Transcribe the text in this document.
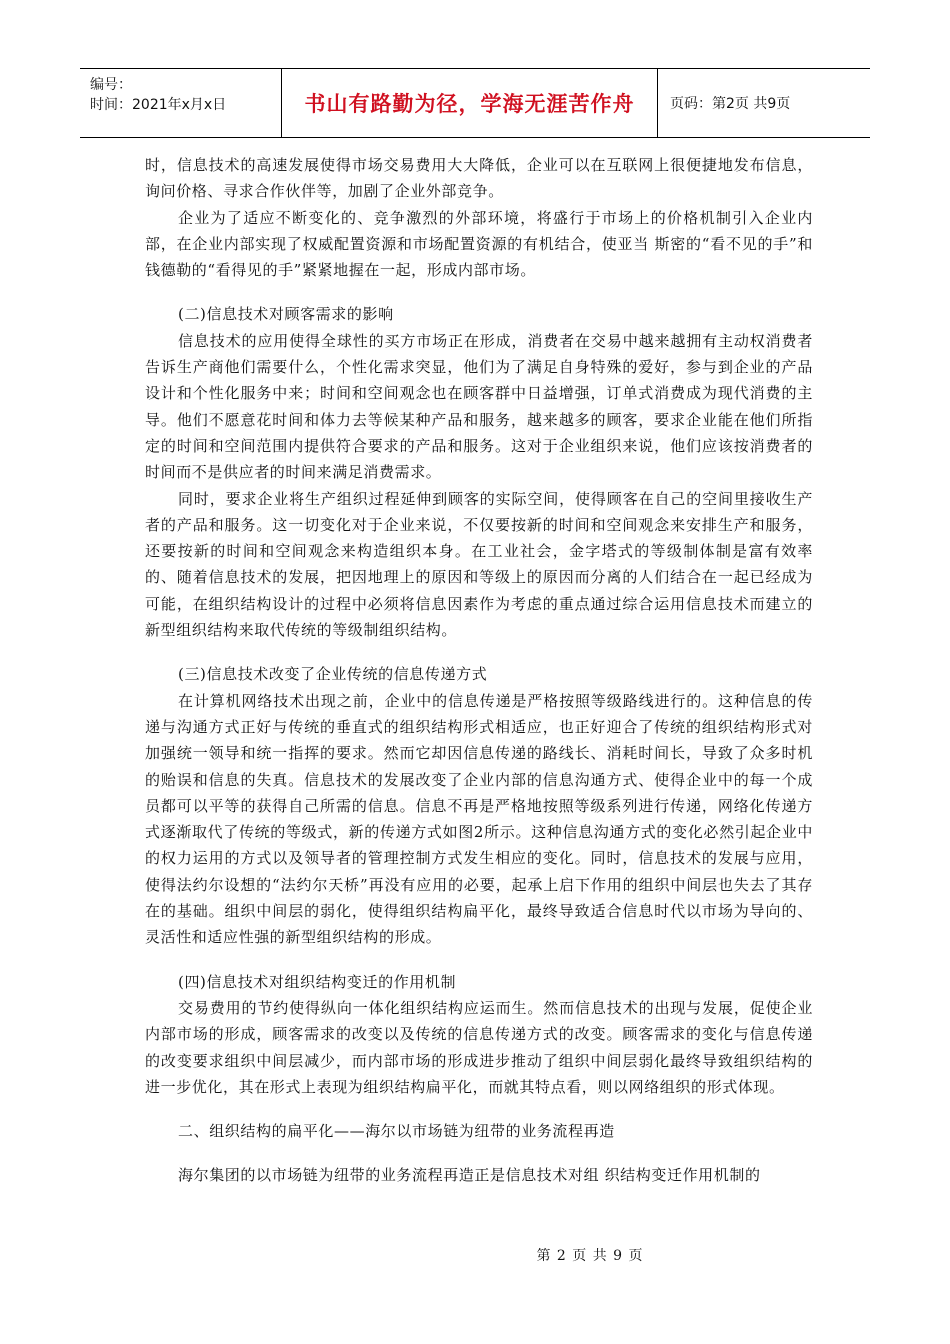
编号：
时间：2021年x月x日	书山有路勤为径，学海无涯苦作舟	页码：第2页 共9页

时，信息技术的高速发展使得市场交易费用大大降低，企业可以在互联网上很便捷地发布信息，询问价格、寻求合作伙伴等，加剧了企业外部竞争。

企业为了适应不断变化的、竞争激烈的外部环境，将盛行于市场上的价格机制引入企业内部，在企业内部实现了权威配置资源和市场配置资源的有机结合，使亚当 斯密的“看不见的手”和钱德勒的“看得见的手”紧紧地握在一起，形成内部市场。

(二)信息技术对顾客需求的影响

信息技术的应用使得全球性的买方市场正在形成，消费者在交易中越来越拥有主动权消费者告诉生产商他们需要什么，个性化需求突显，他们为了满足自身特殊的爱好，参与到企业的产品设计和个性化服务中来；时间和空间观念也在顾客群中日益增强，订单式消费成为现代消费的主导。他们不愿意花时间和体力去等候某种产品和服务，越来越多的顾客，要求企业能在他们所指定的时间和空间范围内提供符合要求的产品和服务。这对于企业组织来说，他们应该按消费者的时间而不是供应者的时间来满足消费需求。

同时，要求企业将生产组织过程延伸到顾客的实际空间，使得顾客在自己的空间里接收生产者的产品和服务。这一切变化对于企业来说，不仅要按新的时间和空间观念来安排生产和服务，还要按新的时间和空间观念来构造组织本身。在工业社会，金字塔式的等级制体制是富有效率的、随着信息技术的发展，把因地理上的原因和等级上的原因而分离的人们结合在一起已经成为可能，在组织结构设计的过程中必须将信息因素作为考虑的重点通过综合运用信息技术而建立的新型组织结构来取代传统的等级制组织结构。

(三)信息技术改变了企业传统的信息传递方式

在计算机网络技术出现之前，企业中的信息传递是严格按照等级路线进行的。这种信息的传递与沟通方式正好与传统的垂直式的组织结构形式相适应，也正好迎合了传统的组织结构形式对加强统一领导和统一指挥的要求。然而它却因信息传递的路线长、消耗时间长，导致了众多时机的贻误和信息的失真。信息技术的发展改变了企业内部的信息沟通方式、使得企业中的每一个成员都可以平等的获得自己所需的信息。信息不再是严格地按照等级系列进行传递，网络化传递方式逐渐取代了传统的等级式，新的传递方式如图2所示。这种信息沟通方式的变化必然引起企业中的权力运用的方式以及领导者的管理控制方式发生相应的变化。同时，信息技术的发展与应用，使得法约尔设想的“法约尔天桥”再没有应用的必要，起承上启下作用的组织中间层也失去了其存在的基础。组织中间层的弱化，使得组织结构扁平化，最终导致适合信息时代以市场为导向的、灵活性和适应性强的新型组织结构的形成。

(四)信息技术对组织结构变迁的作用机制

交易费用的节约使得纵向一体化组织结构应运而生。然而信息技术的出现与发展，促使企业内部市场的形成，顾客需求的改变以及传统的信息传递方式的改变。顾客需求的变化与信息传递的改变要求组织中间层减少，而内部市场的形成进步推动了组织中间层弱化最终导致组织结构的进一步优化，其在形式上表现为组织结构扁平化，而就其特点看，则以网络组织的形式体现。

二、组织结构的扁平化——海尔以市场链为纽带的业务流程再造

海尔集团的以市场链为纽带的业务流程再造正是信息技术对组 织结构变迁作用机制的

第 2 页 共 9 页
